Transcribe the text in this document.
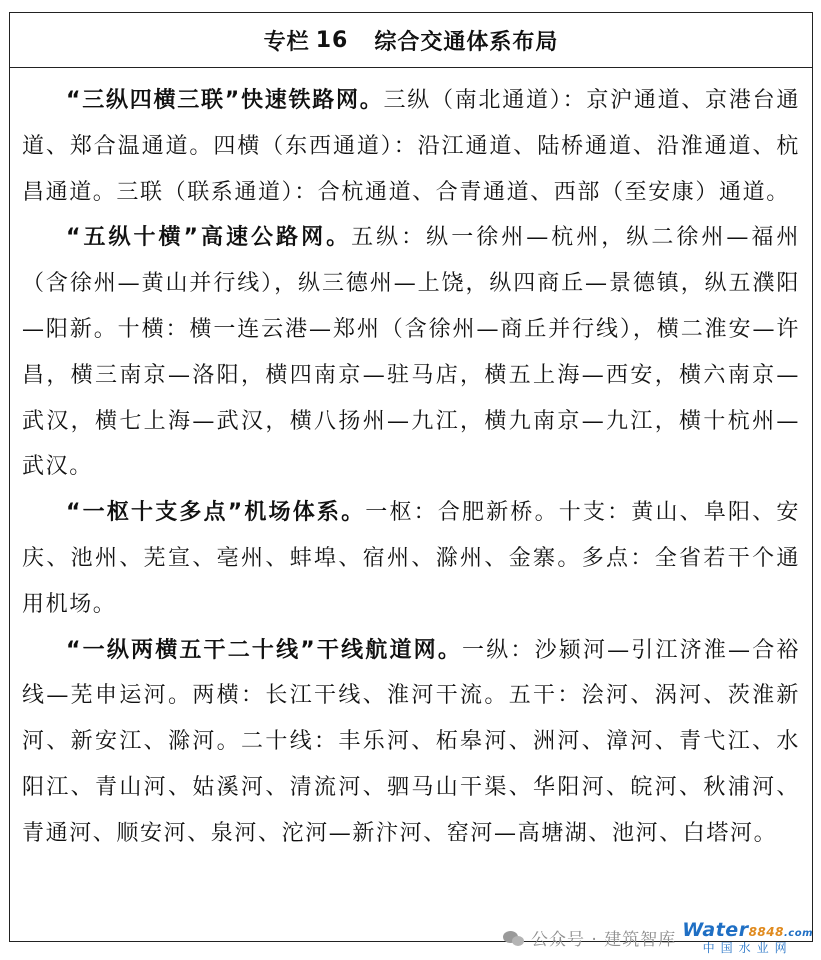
专栏 16 综合交通体系布局

“三纵四横三联”快速铁路网。三纵（南北通道）：京沪通道、京港台通道、郑合温通道。四横（东西通道）：沿江通道、陆桥通道、沿淮通道、杭昌通道。三联（联系通道）：合杭通道、合青通道、西部（至安康）通道。

“五纵十横”高速公路网。五纵：纵一徐州—杭州，纵二徐州—福州（含徐州—黄山并行线），纵三德州—上饶，纵四商丘—景德镇，纵五濮阳—阳新。十横：横一连云港—郑州（含徐州—商丘并行线），横二淮安—许昌，横三南京—洛阳，横四南京—驻马店，横五上海—西安，横六南京—武汉，横七上海—武汉，横八扬州—九江，横九南京—九江，横十杭州—武汉。

“一枢十支多点”机场体系。一枢：合肥新桥。十支：黄山、阜阳、安庆、池州、芜宣、亳州、蚌埠、宿州、滁州、金寨。多点：全省若干个通用机场。

“一纵两横五干二十线”干线航道网。一纵：沙颍河—引江济淮—合裕线—芜申运河。两横：长江干线、淮河干流。五干：浍河、涡河、茨淮新河、新安江、滁河。二十线：丰乐河、柘皋河、洲河、漳河、青弋江、水阳江、青山河、姑溪河、清流河、驷马山干渠、华阳河、皖河、秋浦河、青通河、顺安河、泉河、沱河—新汴河、窑河—高塘湖、池河、白塔河。

公众号 · 建筑智库 Water8848.com
中国水业网
